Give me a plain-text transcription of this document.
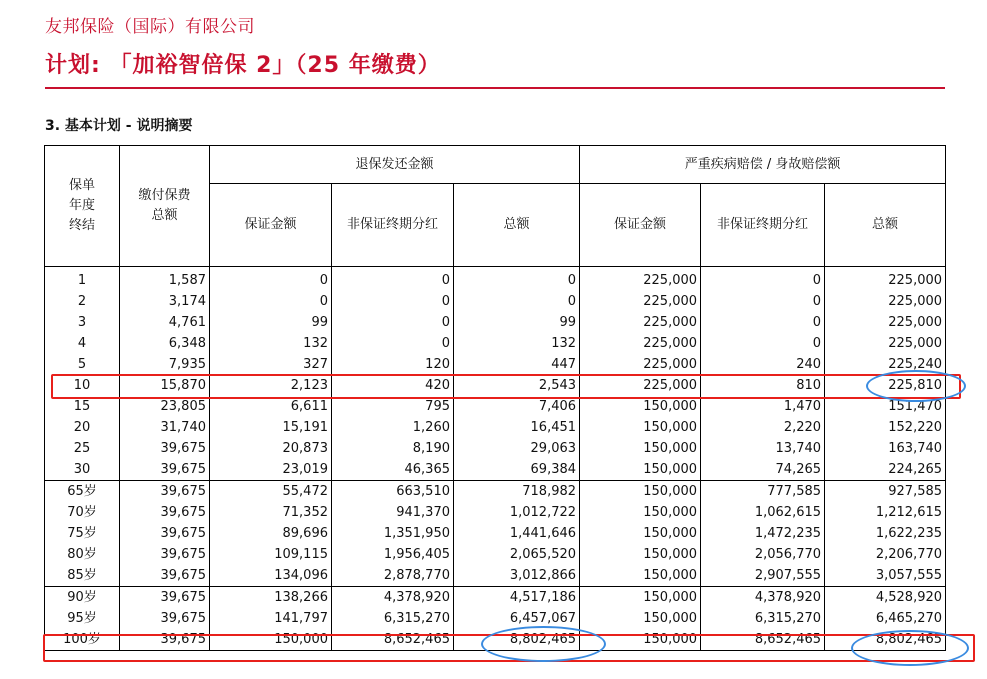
友邦保险（国际）有限公司
计划: 「加裕智倍保 2」（25 年缴费）
3. 基本计划 - 说明摘要
保单
年度
终结	缴付保费
总额	退保发还金额			严重疾病赔偿 / 身故赔偿额		
		保证金额	非保证终期分红	总额	保证金额	非保证终期分红	总额
1	1,587	0	0	0	225,000	0	225,000
2	3,174	0	0	0	225,000	0	225,000
3	4,761	99	0	99	225,000	0	225,000
4	6,348	132	0	132	225,000	0	225,000
5	7,935	327	120	447	225,000	240	225,240
10	15,870	2,123	420	2,543	225,000	810	225,810
15	23,805	6,611	795	7,406	150,000	1,470	151,470
20	31,740	15,191	1,260	16,451	150,000	2,220	152,220
25	39,675	20,873	8,190	29,063	150,000	13,740	163,740
30	39,675	23,019	46,365	69,384	150,000	74,265	224,265
65岁	39,675	55,472	663,510	718,982	150,000	777,585	927,585
70岁	39,675	71,352	941,370	1,012,722	150,000	1,062,615	1,212,615
75岁	39,675	89,696	1,351,950	1,441,646	150,000	1,472,235	1,622,235
80岁	39,675	109,115	1,956,405	2,065,520	150,000	2,056,770	2,206,770
85岁	39,675	134,096	2,878,770	3,012,866	150,000	2,907,555	3,057,555
90岁	39,675	138,266	4,378,920	4,517,186	150,000	4,378,920	4,528,920
95岁	39,675	141,797	6,315,270	6,457,067	150,000	6,315,270	6,465,270
100岁	39,675	150,000	8,652,465	8,802,465	150,000	8,652,465	8,802,465
